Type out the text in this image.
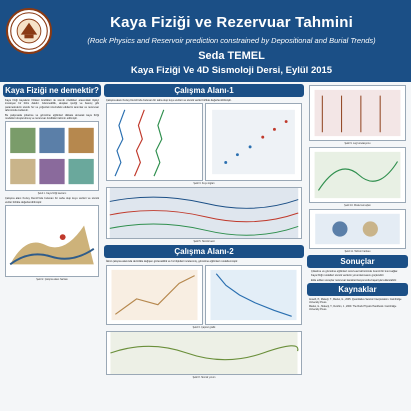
Kaya Fiziği ve Rezervuar Tahmini
(Rock Physics and Reservoir prediction constrained by Depositional and Burial Trends)
Seda TEMEL
Kaya Fiziği Ve 4D Sismoloji Dersi, Eylül 2015
Kaya Fiziği ne demektir?
Kaya fiziği kayaların fiziksel özellikleri ile sismik özellikleri arasındaki ilişkiyi inceleyen bir bilim dalıdır. Gözeneklilik, akışkan içeriği ve basınç gibi parametrelerin sismik hız ve yoğunluk üzerindeki etkilerini tanımlar ve rezervuar tahmininde kullanılır.
Bu çalışmada çökelme ve gömülme eğilimleri dikkate alınarak kaya fiziği modelleri oluşturulmuş ve rezervuar özellikleri tahmin edilmiştir.
Şekil 1. Kaya fiziği kavramı
Çalışma alanı Kuzey Denizi'nde bulunan bir saha olup kuyu verileri ve sismik veriler birlikte değerlendirilmiştir.
Şekil 2. Çalışma alanı haritası
Çalışma Alanı-1
Çalışma alanı Kuzey Denizi'nde bulunan bir saha olup kuyu verileri ve sismik veriler birlikte değerlendirilmiştir.
Şekil 3. Kuyu logları
Şekil 5. Sismik kesit
Çalışma Alanı-2
İkinci çalışma alanında derinlikle değişen gözeneklilik ve hız ilişkileri incelenmiş, gömülme eğilimleri modellenmiştir.
Şekil 6. Çapraz grafik
Şekil 8. Sismik yorum
Şekil 9. Log korelasyonu
Şekil 10. Model sonuçları
Şekil 11. Tahmin haritası
Sonuçlar
Çökelme ve gömülme eğilimleri rezervuar tahmininde önemli bir kısıt sağlar.
Kaya fiziği modelleri sismik verilerin yorumlanmasını güçlendirir.
Elde edilen sonuçlar rezervuar karakterizasyonunda başarıyla kullanılabilir.
Kaynaklar
Avseth, P., Mukerji, T., Mavko, G., 2005. Quantitative Seismic Interpretation. Cambridge University Press.
Mavko, G., Mukerji, T., Dvorkin, J., 2009. The Rock Physics Handbook. Cambridge University Press.
